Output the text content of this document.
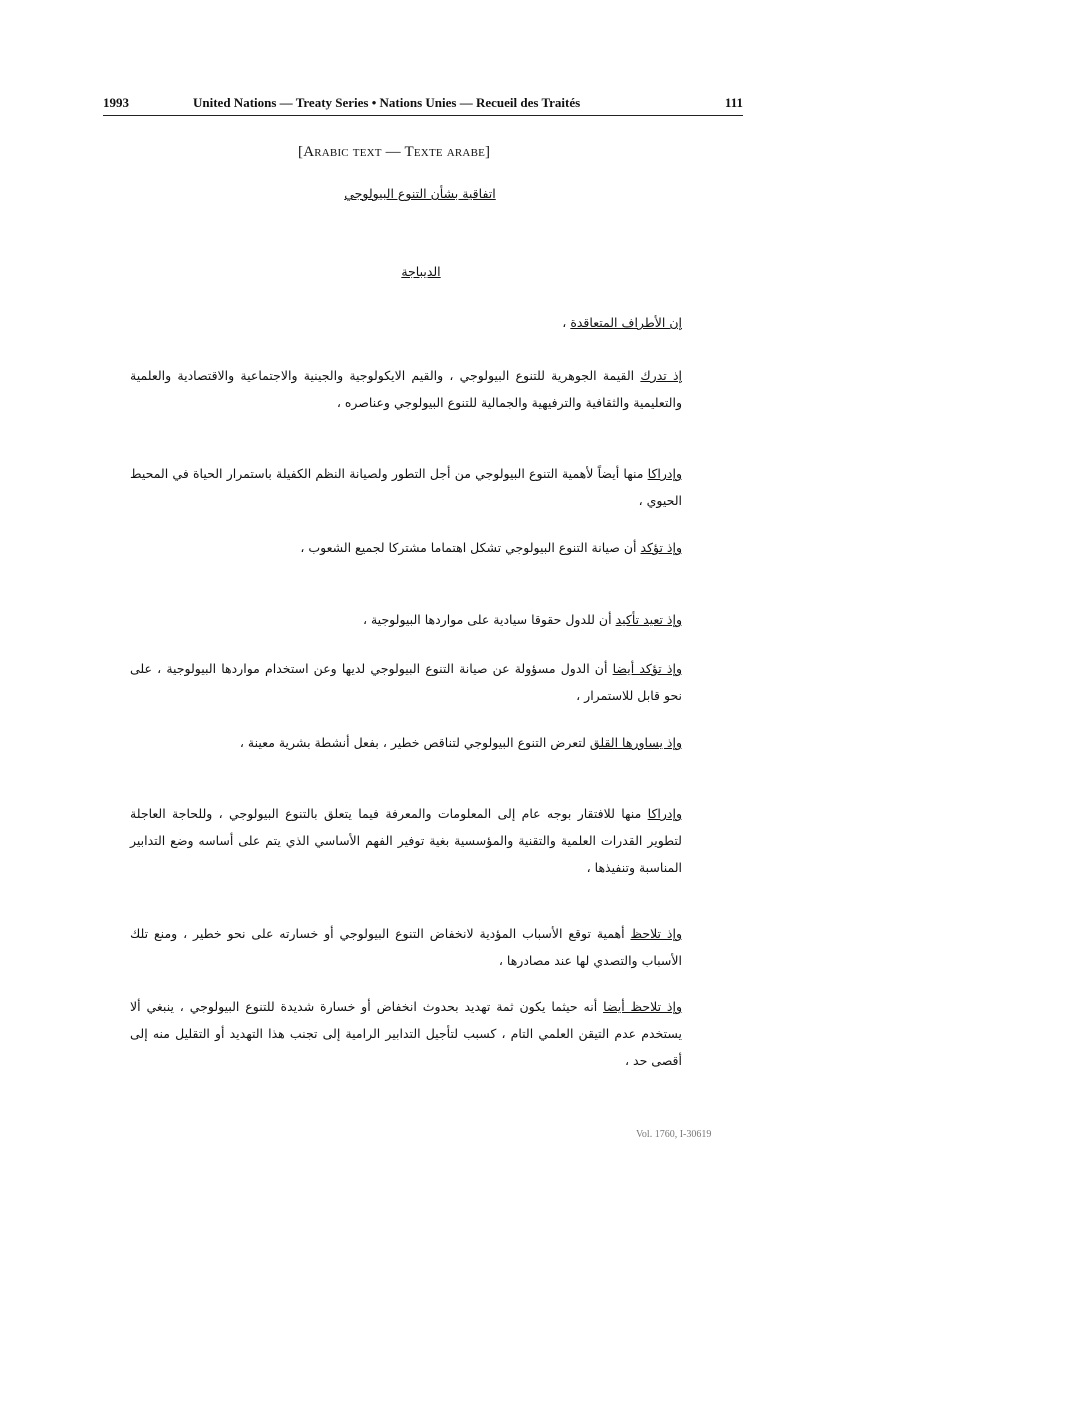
1993	United Nations — Treaty Series • Nations Unies — Recueil des Traités	111
[Arabic text — Texte arabe]
اتفاقية بشأن التنوع البيولوجي
الديباجة
إن الأطراف المتعاقدة ،
إذ تدرك القيمة الجوهرية للتنوع البيولوجي ، والقيم الايكولوجية والجينية والاجتماعية والاقتصادية والعلمية والتعليمية والثقافية والترفيهية والجمالية للتنوع البيولوجي وعناصره ،
وإدراكا منها أيضاً لأهمية التنوع البيولوجي من أجل التطور ولصيانة النظم الكفيلة باستمرار الحياة في المحيط الحيوي ،
وإذ تؤكد أن صيانة التنوع البيولوجي تشكل اهتماما مشتركا لجميع الشعوب ،
وإذ تعيد تأكيد أن للدول حقوقا سيادية على مواردها البيولوجية ،
وإذ تؤكد أيضا أن الدول مسؤولة عن صيانة التنوع البيولوجي لديها وعن استخدام مواردها البيولوجية ، على نحو قابل للاستمرار ،
وإذ يساورها القلق لتعرض التنوع البيولوجي لتناقص خطير ، بفعل أنشطة بشرية معينة ،
وإدراكا منها للافتقار بوجه عام إلى المعلومات والمعرفة فيما يتعلق بالتنوع البيولوجي ، وللحاجة العاجلة لتطوير القدرات العلمية والتقنية والمؤسسية بغية توفير الفهم الأساسي الذي يتم على أساسه وضع التدابير المناسبة وتنفيذها ،
وإذ تلاحظ أهمية توقع الأسباب المؤدية لانخفاض التنوع البيولوجي أو خسارته على نحو خطير ، ومنع تلك الأسباب والتصدي لها عند مصادرها ،
وإذ تلاحظ أيضا أنه حيثما يكون ثمة تهديد بحدوث انخفاض أو خسارة شديدة للتنوع البيولوجي ، ينبغي ألا يستخدم عدم التيقن العلمي التام ، كسبب لتأجيل التدابير الرامية إلى تجنب هذا التهديد أو التقليل منه إلى أقصى حد ،
Vol. 1760, I-30619
